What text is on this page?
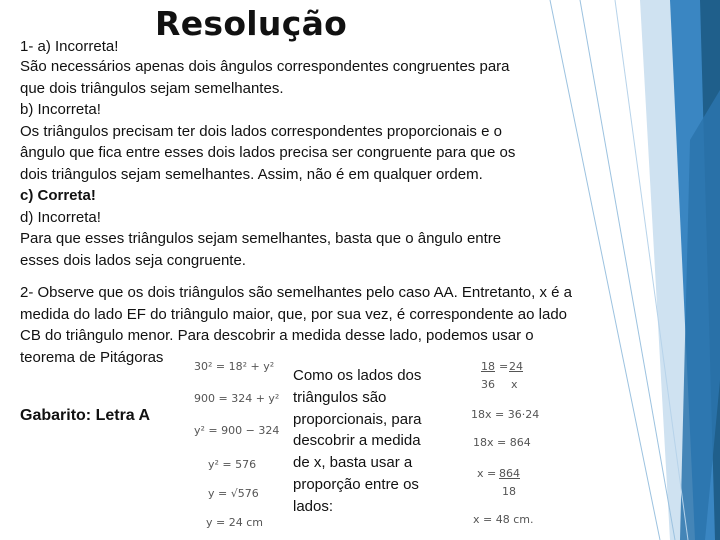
Resolução

1- a) Incorreta!

São necessários apenas dois ângulos correspondentes congruentes para

que dois triângulos sejam semelhantes.

b) Incorreta!

Os triângulos precisam ter dois lados correspondentes proporcionais e o

ângulo que fica entre esses dois lados precisa ser congruente para que os

dois triângulos sejam semelhantes. Assim, não é em qualquer ordem.

c) Correta!

d) Incorreta!

Para que esses triângulos sejam semelhantes, basta que o ângulo entre

esses dois lados seja congruente.

2- Observe que os dois triângulos são semelhantes pelo caso AA. Entretanto, x é a

medida do lado EF do triângulo maior, que, por sua vez, é correspondente ao lado

CB do triângulo menor. Para descobrir a medida desse lado, podemos usar o

teorema de Pitágoras

Gabarito: Letra A

30² = 18² + y²

900 = 324 + y²

y² = 900 − 324

y² = 576

y = √576

y = 24 cm

Como os lados dos

triângulos são

proporcionais, para

descobrir a medida

de x, basta usar a

proporção entre os

lados:

18 = 24

36 x

18x = 36·24

18x = 864

x = 864

18

x = 48 cm.
